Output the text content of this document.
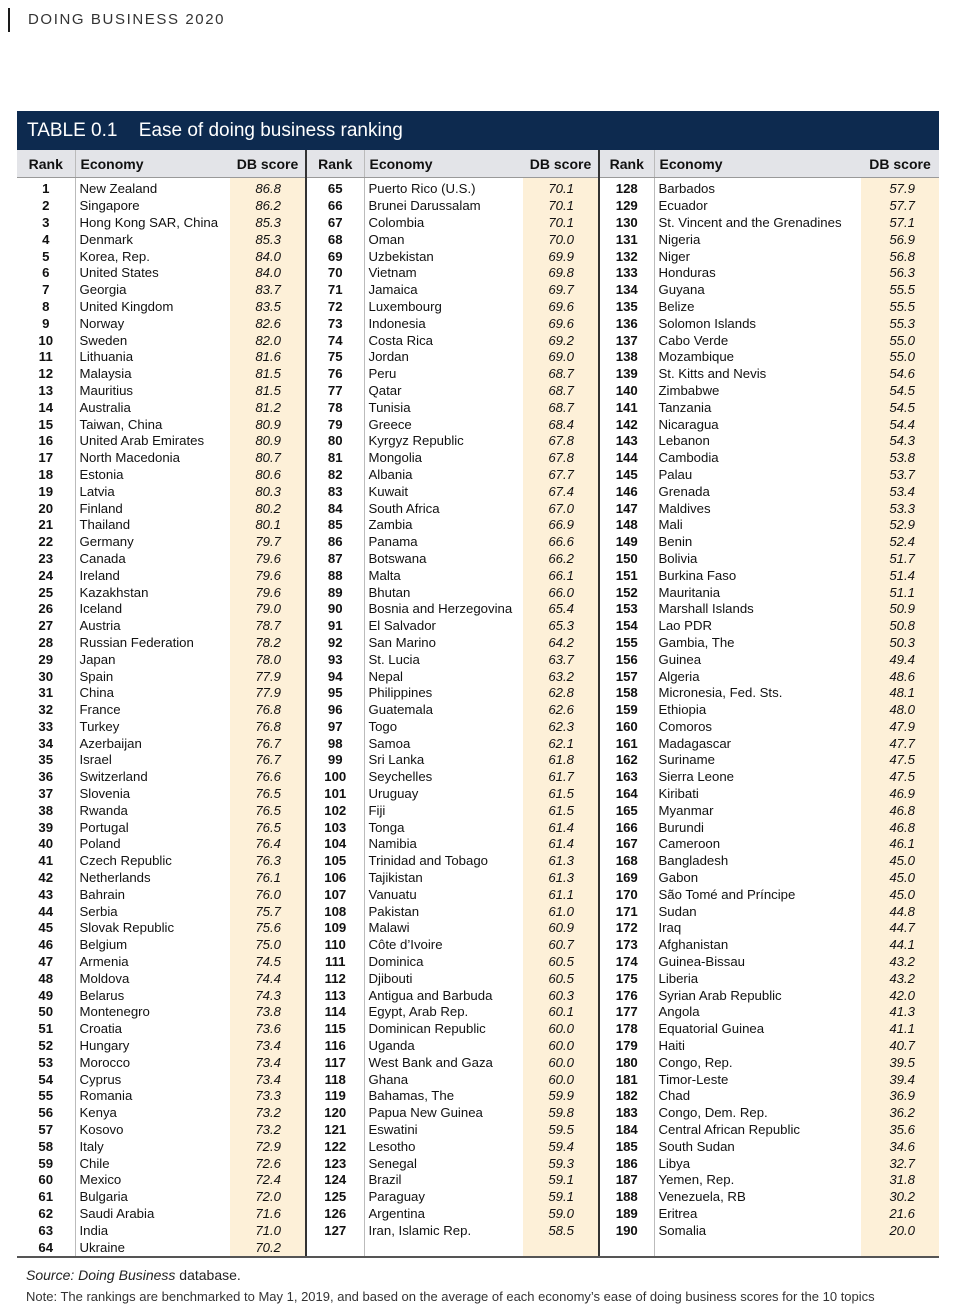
DOING BUSINESS 2020
TABLE 0.1 Ease of doing business ranking
Rank	Economy	DB score	Rank	Economy	DB score	Rank	Economy	DB score
1	New Zealand	86.8	65	Puerto Rico (U.S.)	70.1	128	Barbados	57.9
2	Singapore	86.2	66	Brunei Darussalam	70.1	129	Ecuador	57.7
3	Hong Kong SAR, China	85.3	67	Colombia	70.1	130	St. Vincent and the Grenadines	57.1
4	Denmark	85.3	68	Oman	70.0	131	Nigeria	56.9
5	Korea, Rep.	84.0	69	Uzbekistan	69.9	132	Niger	56.8
6	United States	84.0	70	Vietnam	69.8	133	Honduras	56.3
7	Georgia	83.7	71	Jamaica	69.7	134	Guyana	55.5
8	United Kingdom	83.5	72	Luxembourg	69.6	135	Belize	55.5
9	Norway	82.6	73	Indonesia	69.6	136	Solomon Islands	55.3
10	Sweden	82.0	74	Costa Rica	69.2	137	Cabo Verde	55.0
11	Lithuania	81.6	75	Jordan	69.0	138	Mozambique	55.0
12	Malaysia	81.5	76	Peru	68.7	139	St. Kitts and Nevis	54.6
13	Mauritius	81.5	77	Qatar	68.7	140	Zimbabwe	54.5
14	Australia	81.2	78	Tunisia	68.7	141	Tanzania	54.5
15	Taiwan, China	80.9	79	Greece	68.4	142	Nicaragua	54.4
16	United Arab Emirates	80.9	80	Kyrgyz Republic	67.8	143	Lebanon	54.3
17	North Macedonia	80.7	81	Mongolia	67.8	144	Cambodia	53.8
18	Estonia	80.6	82	Albania	67.7	145	Palau	53.7
19	Latvia	80.3	83	Kuwait	67.4	146	Grenada	53.4
20	Finland	80.2	84	South Africa	67.0	147	Maldives	53.3
21	Thailand	80.1	85	Zambia	66.9	148	Mali	52.9
22	Germany	79.7	86	Panama	66.6	149	Benin	52.4
23	Canada	79.6	87	Botswana	66.2	150	Bolivia	51.7
24	Ireland	79.6	88	Malta	66.1	151	Burkina Faso	51.4
25	Kazakhstan	79.6	89	Bhutan	66.0	152	Mauritania	51.1
26	Iceland	79.0	90	Bosnia and Herzegovina	65.4	153	Marshall Islands	50.9
27	Austria	78.7	91	El Salvador	65.3	154	Lao PDR	50.8
28	Russian Federation	78.2	92	San Marino	64.2	155	Gambia, The	50.3
29	Japan	78.0	93	St. Lucia	63.7	156	Guinea	49.4
30	Spain	77.9	94	Nepal	63.2	157	Algeria	48.6
31	China	77.9	95	Philippines	62.8	158	Micronesia, Fed. Sts.	48.1
32	France	76.8	96	Guatemala	62.6	159	Ethiopia	48.0
33	Turkey	76.8	97	Togo	62.3	160	Comoros	47.9
34	Azerbaijan	76.7	98	Samoa	62.1	161	Madagascar	47.7
35	Israel	76.7	99	Sri Lanka	61.8	162	Suriname	47.5
36	Switzerland	76.6	100	Seychelles	61.7	163	Sierra Leone	47.5
37	Slovenia	76.5	101	Uruguay	61.5	164	Kiribati	46.9
38	Rwanda	76.5	102	Fiji	61.5	165	Myanmar	46.8
39	Portugal	76.5	103	Tonga	61.4	166	Burundi	46.8
40	Poland	76.4	104	Namibia	61.4	167	Cameroon	46.1
41	Czech Republic	76.3	105	Trinidad and Tobago	61.3	168	Bangladesh	45.0
42	Netherlands	76.1	106	Tajikistan	61.3	169	Gabon	45.0
43	Bahrain	76.0	107	Vanuatu	61.1	170	São Tomé and Príncipe	45.0
44	Serbia	75.7	108	Pakistan	61.0	171	Sudan	44.8
45	Slovak Republic	75.6	109	Malawi	60.9	172	Iraq	44.7
46	Belgium	75.0	110	Côte d’Ivoire	60.7	173	Afghanistan	44.1
47	Armenia	74.5	111	Dominica	60.5	174	Guinea-Bissau	43.2
48	Moldova	74.4	112	Djibouti	60.5	175	Liberia	43.2
49	Belarus	74.3	113	Antigua and Barbuda	60.3	176	Syrian Arab Republic	42.0
50	Montenegro	73.8	114	Egypt, Arab Rep.	60.1	177	Angola	41.3
51	Croatia	73.6	115	Dominican Republic	60.0	178	Equatorial Guinea	41.1
52	Hungary	73.4	116	Uganda	60.0	179	Haiti	40.7
53	Morocco	73.4	117	West Bank and Gaza	60.0	180	Congo, Rep.	39.5
54	Cyprus	73.4	118	Ghana	60.0	181	Timor-Leste	39.4
55	Romania	73.3	119	Bahamas, The	59.9	182	Chad	36.9
56	Kenya	73.2	120	Papua New Guinea	59.8	183	Congo, Dem. Rep.	36.2
57	Kosovo	73.2	121	Eswatini	59.5	184	Central African Republic	35.6
58	Italy	72.9	122	Lesotho	59.4	185	South Sudan	34.6
59	Chile	72.6	123	Senegal	59.3	186	Libya	32.7
60	Mexico	72.4	124	Brazil	59.1	187	Yemen, Rep.	31.8
61	Bulgaria	72.0	125	Paraguay	59.1	188	Venezuela, RB	30.2
62	Saudi Arabia	71.6	126	Argentina	59.0	189	Eritrea	21.6
63	India	71.0	127	Iran, Islamic Rep.	58.5	190	Somalia	20.0
64	Ukraine	70.2						
Source: Doing Business database.
Note: The rankings are benchmarked to May 1, 2019, and based on the average of each economy’s ease of doing business scores for the 10 topics
